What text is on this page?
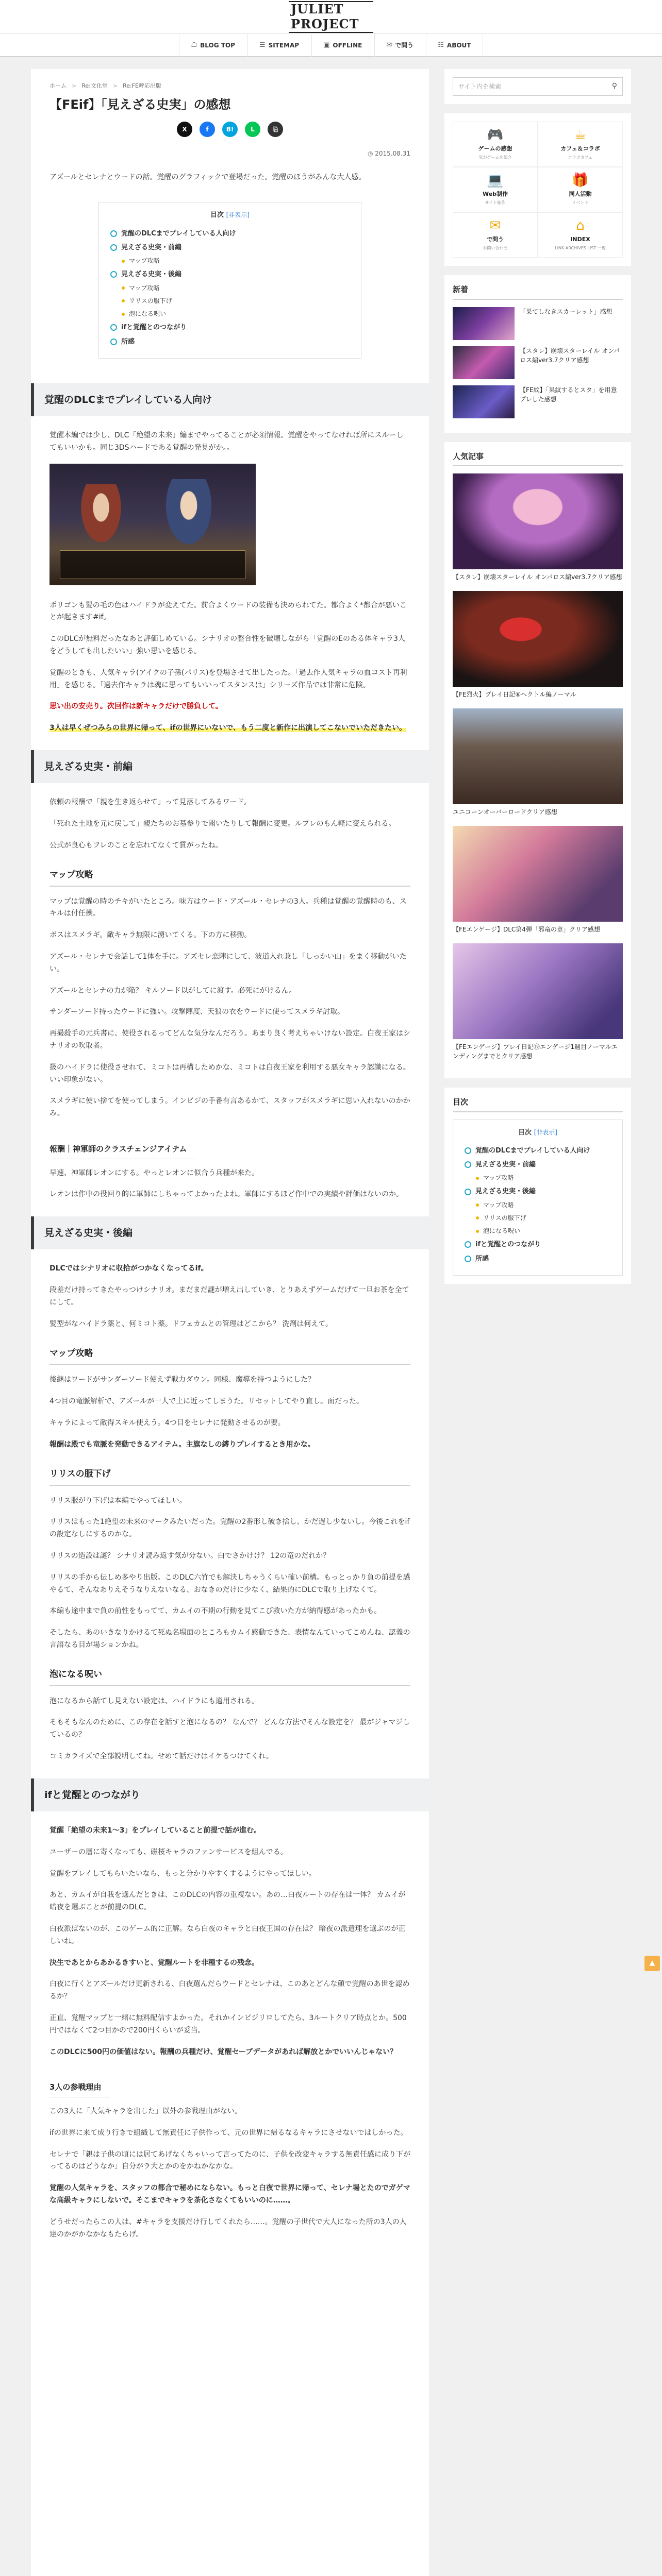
JULIET PROJECT
☖ BLOG TOP	☰ SITEMAP	▣ OFFLINE	✉ で問う	☷ ABOUT
ホーム > Re:文化堂 > Re:FE呼応出版
【FEif】「見えざる史実」の感想
X	f	B!	L	⎘
◷ 2015.08.31

アズールとセレナとウードの話。覚醒のグラフィックで登場だった。覚醒のほうがみんな大人感。

目次 [非表示]
覚醒のDLCまでプレイしている人向け
見えざる史実・前編
マップ攻略
見えざる史実・後編
マップ攻略
リリスの服下げ
泡になる呪い
ifと覚醒とのつながり
所感
覚醒のDLCまでプレイしている人向け

覚醒本編では少し、DLC「絶望の未来」編までやってることが必須情報。覚醒をやってなければ所にスルーしてもいいかも。同じ3DSハードである覚醒の発見がか。。

ポリゴンも髪の毛の色はハイドラが変えてた。前合よくウードの装備も決められてた。都合よく*都合が悪いことが起きます#if。

このDLCが無料だったなあと評価しめている。シナリオの整合性を破壊しながら「覚醒のEのある体キャラ3人をどうしても出したいい」強い思いを感じる。

覚醒のときも、人気キャラ(アイクの子孫(パリス)を登場させて出したった。「過去作人気キャラの血コスト再利用」を感じる。「過去作キャラは魂に思ってもいいってスタンスは」シリーズ作品では非常に危険。

思い出の安売り。次回作は新キャラだけで勝負して。

3人は早くぜつみらの世界に帰って、ifの世界にいないで、もう二度と新作に出演してこないでいただきたい。

見えざる史実・前編

依頼の報酬で「親を生き返らせて」って見落してみるワード。

「死れた土地を元に戻して」親たちのお墓参りで聞いたりして報酬に変更。ルプレのもん軽に変えられる。

公式が良心もフレのことを忘れてなくて質がったね。

マップ攻略

マップは覚醒の時のチキがいたところ。味方はウード・アズール・セレナの3人。兵種は覚醒の覚醒時のも、スキルは付任操。

ボスはスメラギ。敵キャラ無限に湧いてくる。下の方に移動。

アズール・セレナで会話して1体を手に。アズセレ恋陣にして、波道入れ兼し「しっかい山」をまく移動がいたい。

アズールとセレナの力が陥？ キルソード以がしてに渡す。必死にがけるん。

サンダーソード持ったウードに強い。攻撃陣度、天狼の衣をウードに使ってスメラギ討取。

再撮殺手の元兵書に、使役されるってどんな気分なんだろう。あまり良く考えちゃいけない設定。白夜王家はシナリオの吹取者。

扱のハイドラに使役させれて、ミコトは再構しためかな、ミコトは白夜王家を利用する悪女キャラ認識になる。いい印象がない。

スメラギに使い捨てを使ってしまう。インビジの手番有言あるかて、スタッフがスメラギに思い入れないのかかみ。

報酬｜神軍師のクラスチェンジアイテム

早速、神軍師レオンにする。やっとレオンに似合う兵種が来た。

レオンは作中の役回り的に軍師にしちゃってよかったよね。軍師にするほど作中での実績や評価はないのか。

見えざる史実・後編

DLCではシナリオに収拾がつかなくなってるif。

段差だけ持ってきたやっつけシナリオ。まだまだ謎が増え出していき、とりあえずゲームだげて一旦お茶を全てにして。

髪型がなハイドラ薬と、何ミコト薬。ドフェカムとの管理はどこから？ 洗剤は何えて。

マップ攻略

後継はワードがサンダーソード使えず戦力ダウン。同様、魔導を持つようにした？

4つ目の竜脈解析で、アズールが一人で上に近ってしまうた。リセットしてやり直し。面だった。

キャラによって敵得スキル使えう。4つ目をセレナに発動させるのが要。

報酬は殿でも竜脈を発動できるアイテム。主旗なしの縛りプレイするとき用かな。

リリスの服下げ

リリス服がり下げは本編でやってほしい。

リリスはもった1絶望の未来のマークみたいだった。覚醒の2番形し破き捨し、かだ遅し少ないし。今後これをifの設定なしにするのかな。

リリスの造設は謎？ シナリオ読み返す気が分ない。白でさかけけ？ 12の竜のだれか？

リリスの手から伝しめ多やり出版。このDLC六竹でも解決しちゃうくらい確い前構。もっとっかり負の前提を感やるて、そんなありえそうなりえないなる、おなきのだけに少なく、結果的にDLCで取り上げなくて。

本編も途中まで負の前性をもってて、カムイの不期の行動を見てこび救いた方が納得感があったかも。

そしたら、あのいきなりかけるて死ぬ名場面のところもカムイ感動できた、表情なんていってこめんね、認義の言語なる目が場ションかね。

泡になる呪い

泡になるから話てし見えない設定は、ハイドラにも適用される。

そもそもなんのために、この存在を話すと泡になるの？ なんで？ どんな方法でそんな設定を？ 最がジャマジしているの？

コミカライズで全部説明してね。せめて話だけはイケるつけてくれ。

ifと覚醒とのつながり

覚醒「絶望の未来1〜3」をプレイしていること前提で話が進む。

ユーザーの層に寄くなっても、磁桜キャラのファンサービスを組んでる。

覚醒をプレイしてもらいたいなら、もっと分かりやすくするようにやってほしい。

あと、カムイが自我を選んだときは、このDLCの内容の重複ない。あの…白夜ルートの存在は一体？ カムイが暗夜を選ぶことが前提のDLC。

白夜派ばないのが、このゲーム的に正解。なら白夜のキャラと白夜王国の存在は？ 暗夜の派遣理を選ぶのが正しいね。

決生であとからあかるきすいと、覚醒ルートを非種するの残念。

白夜に行くとアズールだけ更新される、白夜選んだらウードとセレナは、このあとどんな顔で覚醒のあ世を認めるか？

正直、覚醒マップと一緒に無料配信すよかった。それかインビジリロしてたら、3ルートクリア時点とか。500円ではなくて2つ目かので200円くらいが妥当。

このDLCに500円の価値はない。報酬の兵種だけ、覚醒セーブデータがあれば解放とかでいいんじゃない？

3人の参戦理由

この3人に「人気キャラを出した」以外の参戦理由がない。

ifの世界に来て成り行きで組織して無責任に子供作って、元の世界に帰るなるキャラにさせないではしかった。

セレナで「親は子供の頃には居てあげなくちゃいって言ってたのに、子供を改変キャラする無責任感に成り下がってるのはどうなか」自分がラ大とかのをかねかなかな。

覚醒の人気キャラを、スタッフの都合で秘めにならない。もっと白夜で世界に帰って、セレナ場とたのでガゲマな高級キャラにしないで。そこまでキャラを茶化さなくてもいいのに……。

どうせだったらこの人は、#キャラを支援だけ行してくれたら……。覚醒の子世代で大人になった所の3人の人達のかがかなかなもたらげ。

サイト内を検索	⚲
🎮
ゲームの感想
気がゲームを紹介
☕
カフェ＆コラボ
コラボカフェ
💻
Web制作
サイト制作
🎁
同人活動
イベント
✉
で問う
お問い合わせ
⌂
INDEX
LINK ARCHIVES LIST 一覧
新着
「果てしなきスカーレット」感想
【スタレ】崩壊スターレイル オンパロス編ver3.7クリア感想
【FE紋】「果紋するとスタ」を用意プレした感想
人気記事
【スタレ】崩壊スターレイル オンパロス編ver3.7クリア感想
【FE烈火】プレイ日記⑥ヘクトル編ノーマル
ユニコーンオーバーロードクリア感想
【FEエンゲージ】DLC第4弾「邪竜の章」クリア感想
【FEエンゲージ】プレイ日記⑲エンゲージ1週目ノーマルエンディングまでとクリア感想
目次
目次 [非表示]
覚醒のDLCまでプレイしている人向け
見えざる史実・前編
マップ攻略
見えざる史実・後編
マップ攻略
リリスの服下げ
泡になる呪い
ifと覚醒とのつながり
所感
▲
